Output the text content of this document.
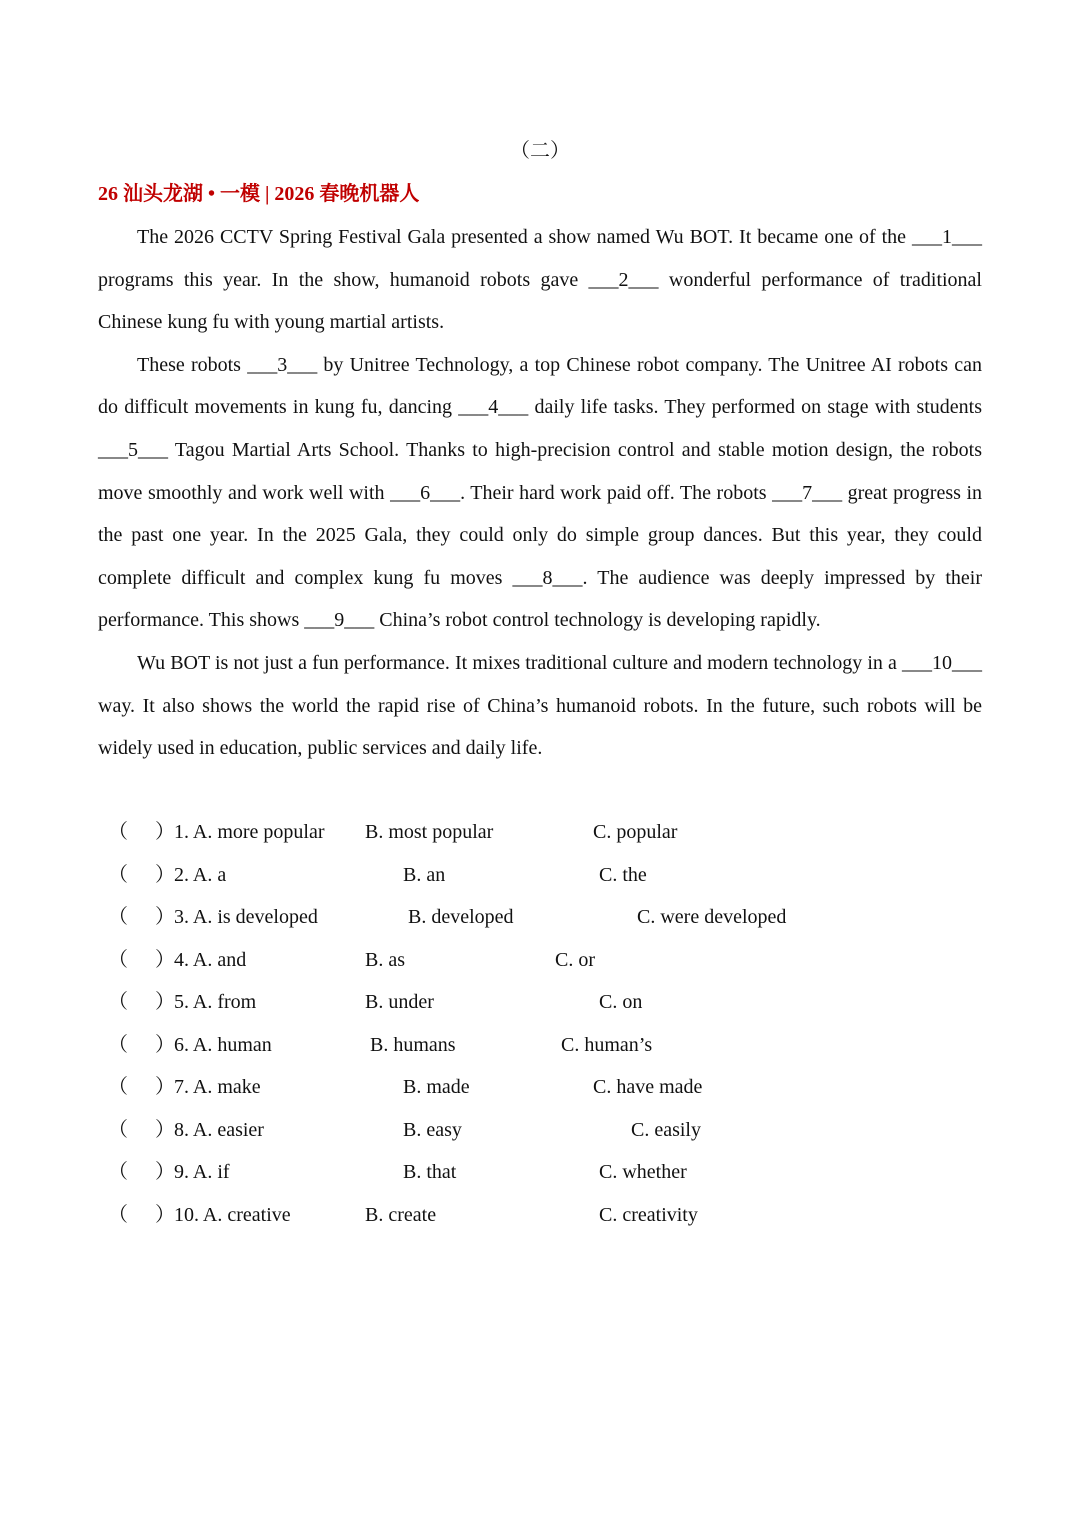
（二）
26 汕头龙湖 • 一模 | 2026 春晚机器人

The 2026 CCTV Spring Festival Gala presented a show named Wu BOT. It became one of the ___1___ programs this year. In the show, humanoid robots gave ___2___ wonderful performance of traditional Chinese kung fu with young martial artists.

These robots ___3___ by Unitree Technology, a top Chinese robot company. The Unitree AI robots can do difficult movements in kung fu, dancing ___4___ daily life tasks. They performed on stage with students ___5___ Tagou Martial Arts School. Thanks to high-precision control and stable motion design, the robots move smoothly and work well with ___6___. Their hard work paid off. The robots ___7___ great progress in the past one year. In the 2025 Gala, they could only do simple group dances. But this year, they could complete difficult and complex kung fu moves ___8___. The audience was deeply impressed by their performance. This shows ___9___ China’s robot control technology is developing rapidly.

Wu BOT is not just a fun performance. It mixes traditional culture and modern technology in a ___10___ way. It also shows the world the rapid rise of China’s humanoid robots. In the future, such robots will be widely used in education, public services and daily life.

（ ） 1. A. more popular B. most popular	C. popular
（ ） 2. A. a	B. an	C. the
（ ） 3. A. is developed	B. developed	C. were developed
（ ） 4. A. and	B. as	C. or
（ ） 5. A. from	B. under	C. on
（ ） 6. A. human	B. humans	C. human’s
（ ） 7. A. make	B. made	C. have made
（ ） 8. A. easier	B. easy	C. easily
（ ） 9. A. if	B. that	C. whether
（ ） 10. A. creative	B. create	C. creativity
